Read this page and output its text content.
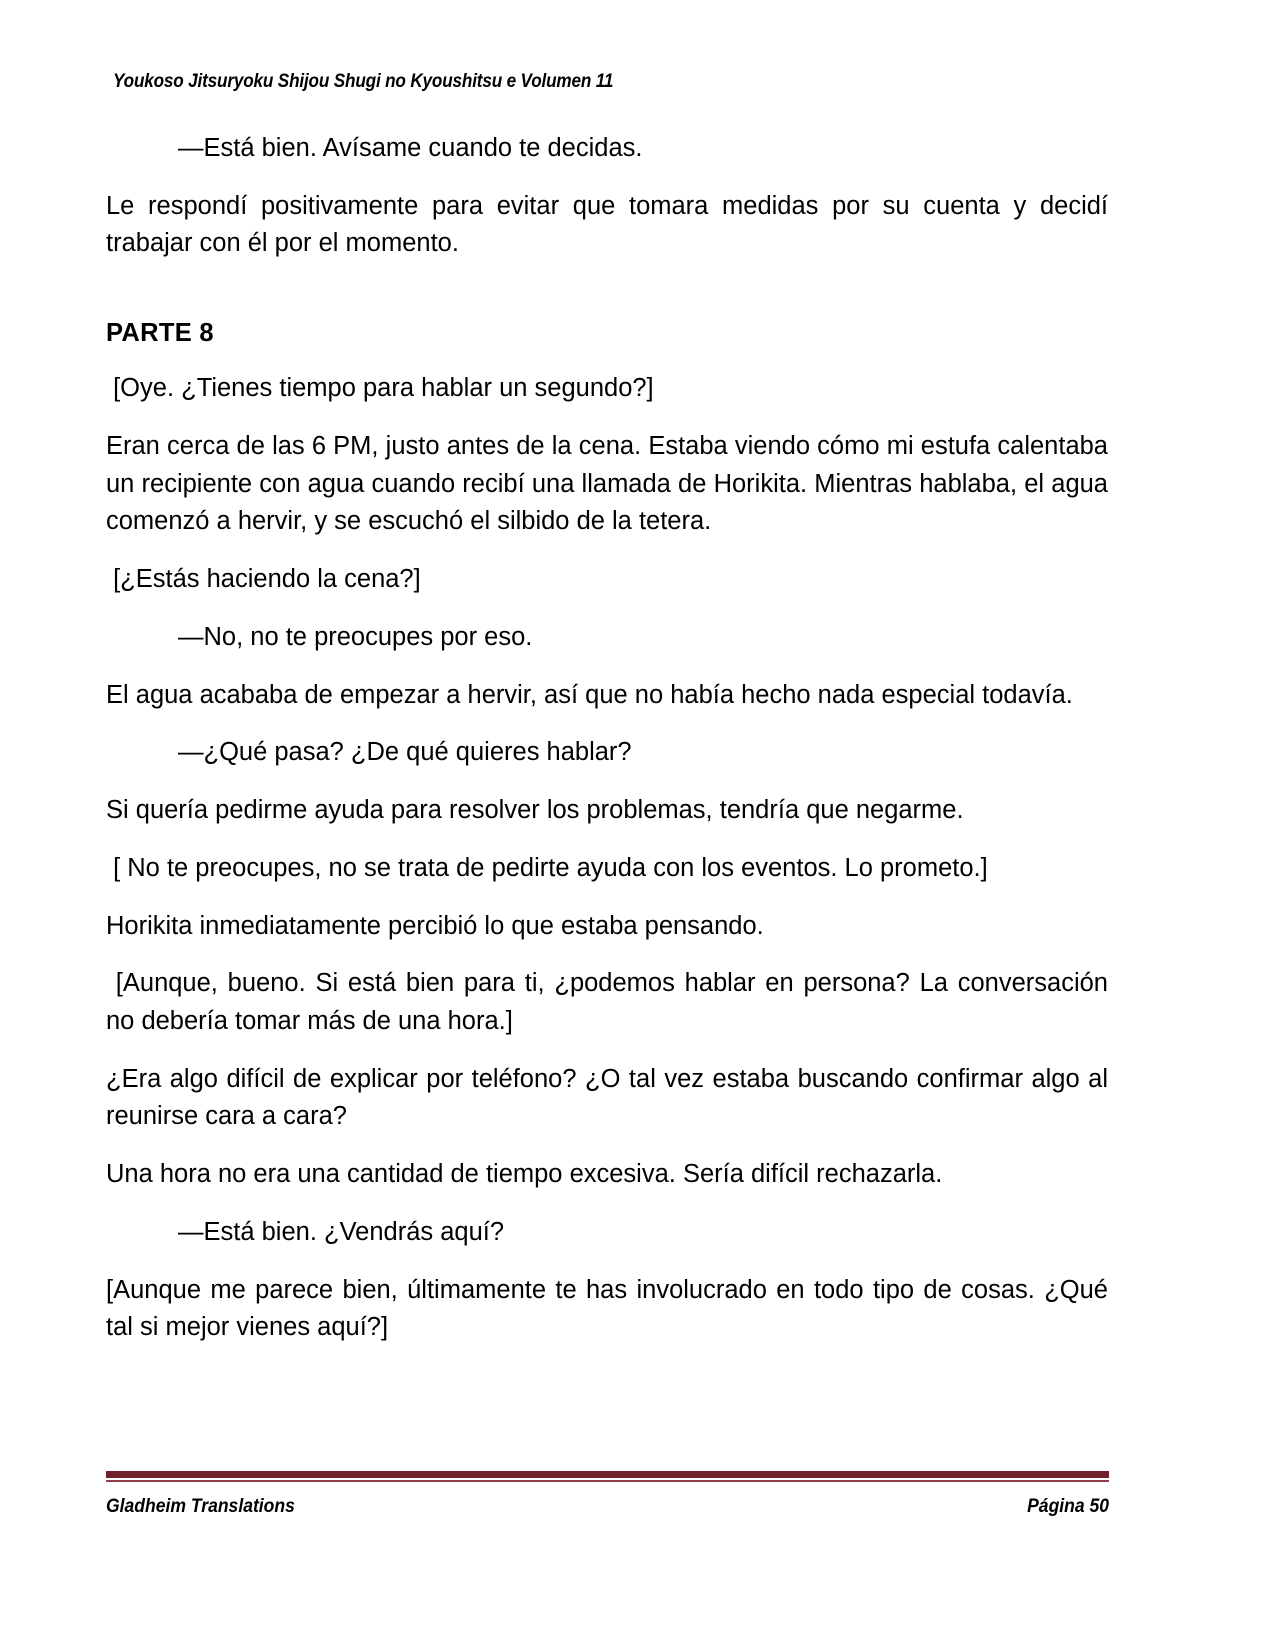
Youkoso Jitsuryoku Shijou Shugi no Kyoushitsu e Volumen 11

—Está bien. Avísame cuando te decidas.

Le respondí positivamente para evitar que tomara medidas por su cuenta y decidí trabajar con él por el momento.

PARTE 8

[Oye. ¿Tienes tiempo para hablar un segundo?]

Eran cerca de las 6 PM, justo antes de la cena. Estaba viendo cómo mi estufa calentaba un recipiente con agua cuando recibí una llamada de Horikita. Mientras hablaba, el agua comenzó a hervir, y se escuchó el silbido de la tetera.

[¿Estás haciendo la cena?]

—No, no te preocupes por eso.

El agua acababa de empezar a hervir, así que no había hecho nada especial todavía.

—¿Qué pasa? ¿De qué quieres hablar?

Si quería pedirme ayuda para resolver los problemas, tendría que negarme.

[ No te preocupes, no se trata de pedirte ayuda con los eventos. Lo prometo.]

Horikita inmediatamente percibió lo que estaba pensando.

[Aunque, bueno. Si está bien para ti, ¿podemos hablar en persona? La conversación no debería tomar más de una hora.]

¿Era algo difícil de explicar por teléfono? ¿O tal vez estaba buscando confirmar algo al reunirse cara a cara?

Una hora no era una cantidad de tiempo excesiva. Sería difícil rechazarla.

—Está bien. ¿Vendrás aquí?

[Aunque me parece bien, últimamente te has involucrado en todo tipo de cosas. ¿Qué tal si mejor vienes aquí?]

Gladheim Translations	Página 50
